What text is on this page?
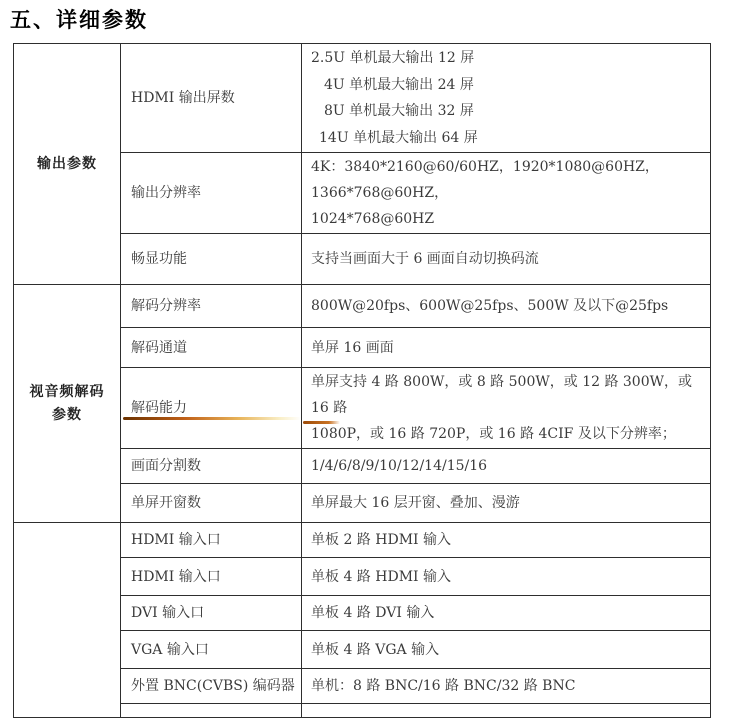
五、详细参数
输出参数	HDMI 输出屏数	2.5U 单机最大输出 12 屏
4U 单机最大输出 24 屏
8U 单机最大输出 32 屏
14U 单机最大输出 64 屏

	输出分辨率	4K：3840*2160@60/60HZ，1920*1080@60HZ，1366*768@60HZ，
1024*768@60HZ

	畅显功能	支持当画面大于 6 画面自动切换码流

视音频解码
参数	解码分辨率	800W@20fps、600W@25fps、500W 及以下@25fps
	解码通道	单屏 16 画面
	解码能力	单屏支持 4 路 800W，或 8 路 500W，或 12 路 300W，或 16 路
1080P，或 16 路 720P，或 16 路 4CIF 及以下分辨率；

	画面分割数	1/4/6/8/9/10/12/14/15/16
	单屏开窗数	单屏最大 16 层开窗、叠加、漫游
	HDMI 输入口	单板 2 路 HDMI 输入
	HDMI 输入口	单板 4 路 HDMI 输入
	DVI 输入口	单板 4 路 DVI 输入
	VGA 输入口	单板 4 路 VGA 输入
	外置 BNC(CVBS) 编码器	单机：8 路 BNC/16 路 BNC/32 路 BNC
